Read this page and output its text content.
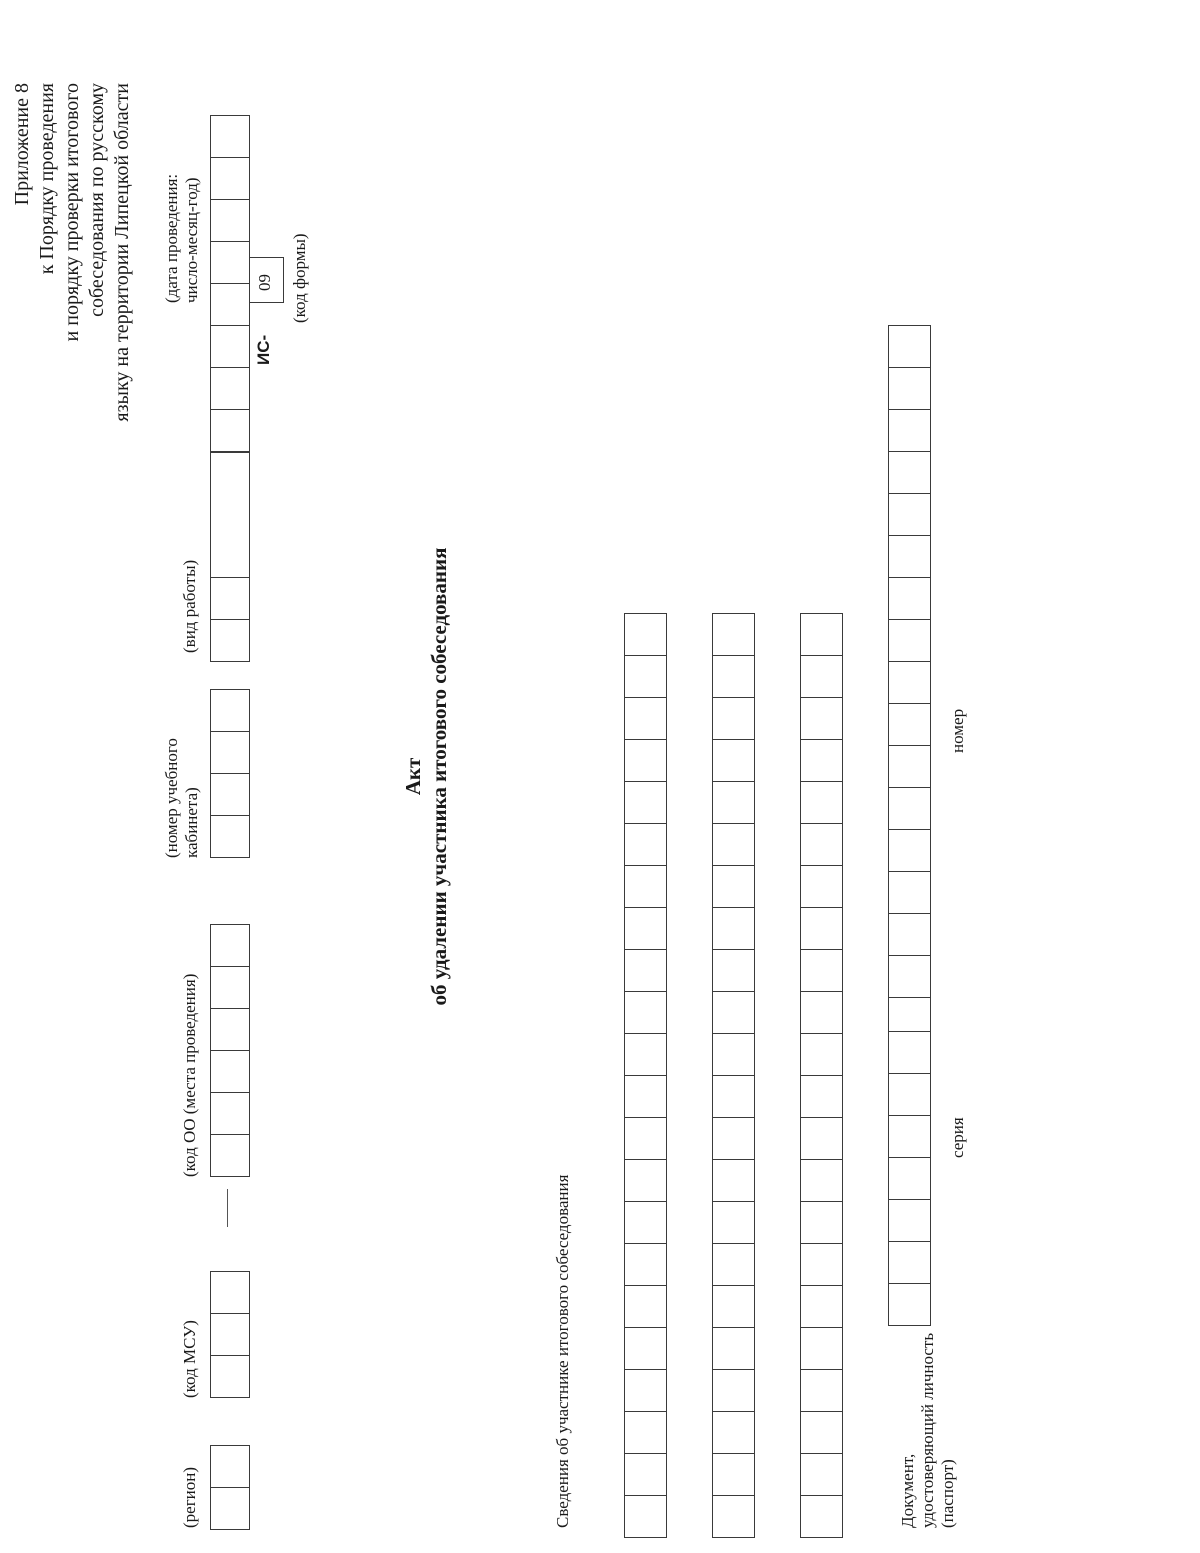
Приложение 8 к Порядку проведения и порядку проверки итогового собеседования по русскому языку на территории Липецкой области
(регион)
(код МСУ)
(код ОО (места проведения)
(номер учебного кабинета)
(вид работы)
(дата проведения: число-месяц-год)
ИС-
09 (код формы)
Акт об удалении участника итогового собеседования
Сведения об участнике итогового собеседования	Документ, удостоверяющий личность (паспорт)
серия
номер
